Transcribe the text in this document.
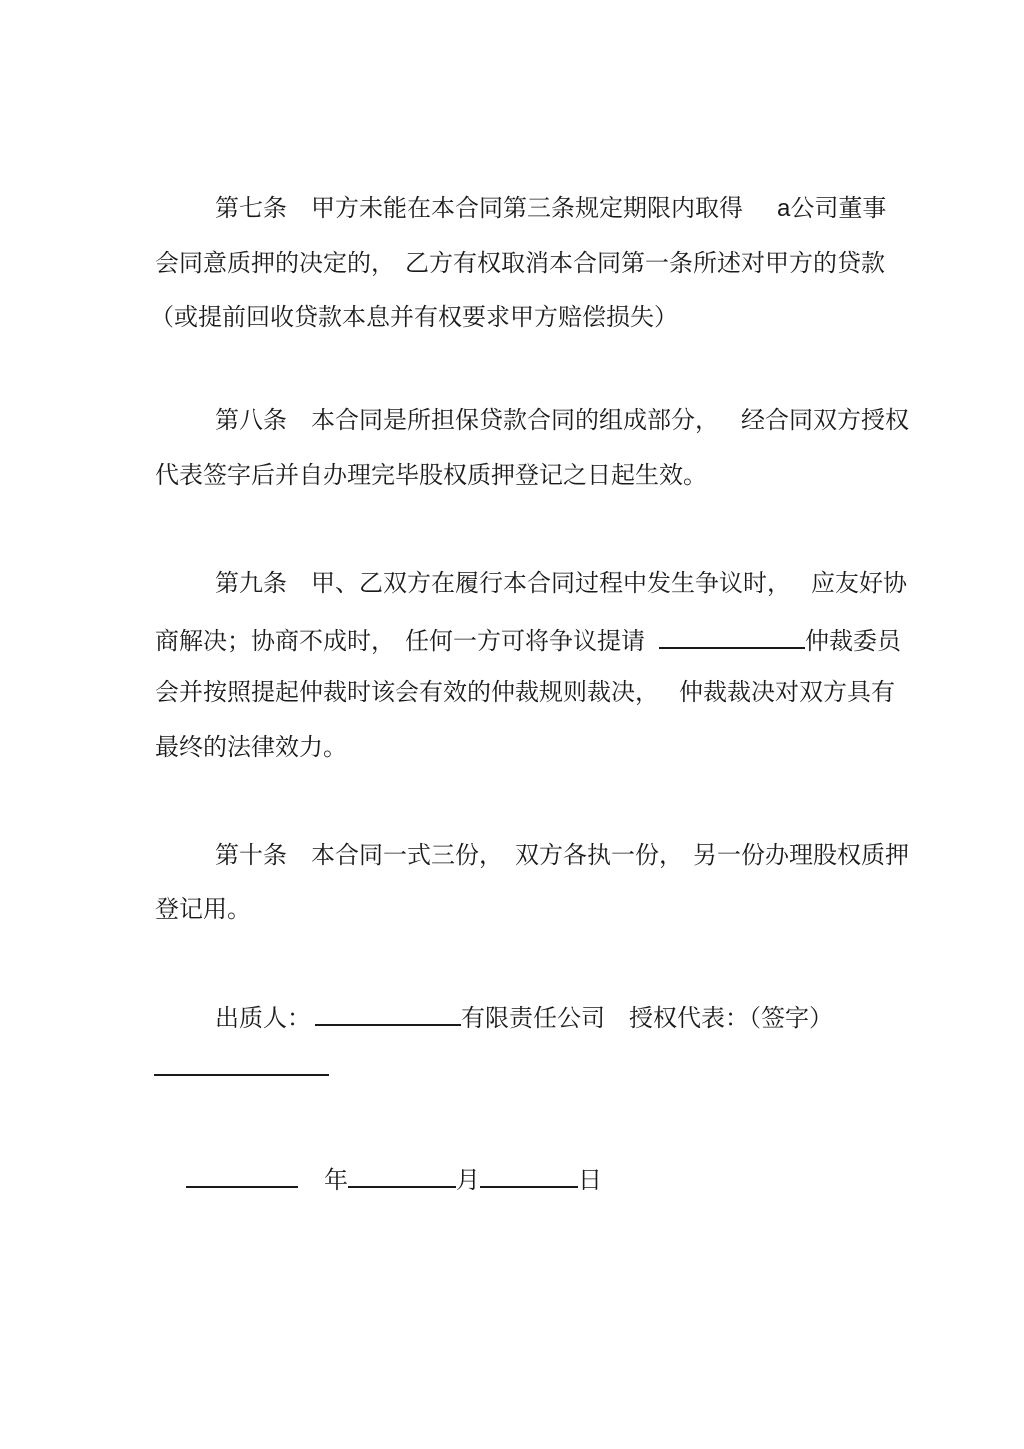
第七条　甲方未能在本合同第三条规定期限内取得 a公司董事
会同意质押的决定的， 乙方有权取消本合同第一条所述对甲方的贷款
（或提前回收贷款本息并有权要求甲方赔偿损失）
第八条　本合同是所担保贷款合同的组成部分， 经合同双方授权
代表签字后并自办理完毕股权质押登记之日起生效。
第九条　甲、乙双方在履行本合同过程中发生争议时， 应友好协
商解决；协商不成时， 任何一方可将争议提请	仲裁委员
会并按照提起仲裁时该会有效的仲裁规则裁决， 仲裁裁决对双方具有
最终的法律效力。
第十条　本合同一式三份， 双方各执一份， 另一份办理股权质押
登记用。
出质人：	有限责任公司 授权代表：（签字）
年	月	日
